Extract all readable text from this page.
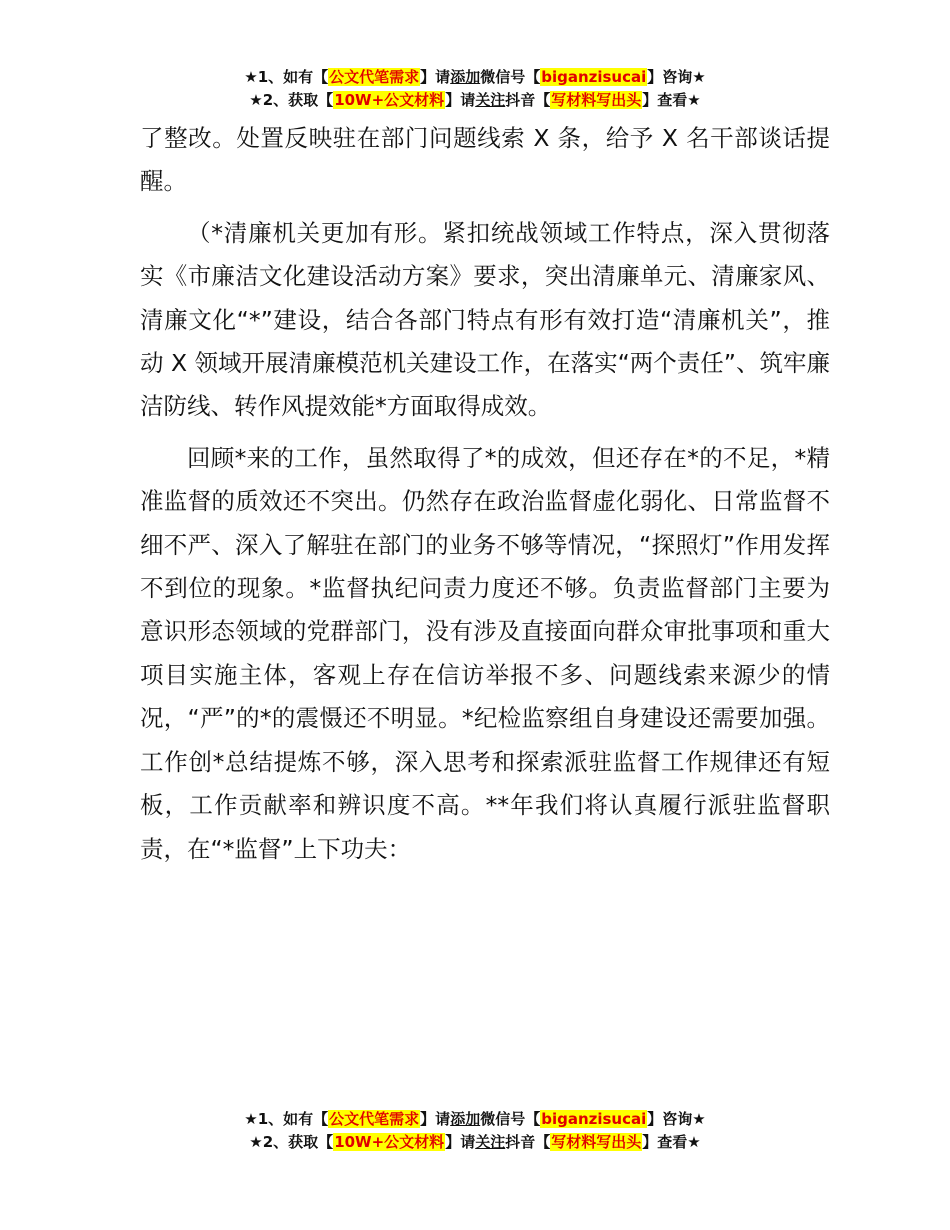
★1、如有【公文代笔需求】请添加微信号【biganzisucai】咨询★
★2、获取【10W+公文材料】请关注抖音【写材料写出头】查看★

了整改。处置反映驻在部门问题线索 X 条，给予 X 名干部谈话提醒。

（*清廉机关更加有形。紧扣统战领域工作特点，深入贯彻落实《市廉洁文化建设活动方案》要求，突出清廉单元、清廉家风、清廉文化“*”建设，结合各部门特点有形有效打造“清廉机关”，推动 X 领域开展清廉模范机关建设工作，在落实“两个责任”、筑牢廉洁防线、转作风提效能*方面取得成效。

回顾*来的工作，虽然取得了*的成效，但还存在*的不足，*精准监督的质效还不突出。仍然存在政治监督虚化弱化、日常监督不细不严、深入了解驻在部门的业务不够等情况，“探照灯”作用发挥不到位的现象。*监督执纪问责力度还不够。负责监督部门主要为意识形态领域的党群部门，没有涉及直接面向群众审批事项和重大项目实施主体，客观上存在信访举报不多、问题线索来源少的情况，“严”的*的震慑还不明显。*纪检监察组自身建设还需要加强。工作创*总结提炼不够，深入思考和探索派驻监督工作规律还有短板，工作贡献率和辨识度不高。**年我们将认真履行派驻监督职责，在“*监督”上下功夫：

★1、如有【公文代笔需求】请添加微信号【biganzisucai】咨询★
★2、获取【10W+公文材料】请关注抖音【写材料写出头】查看★
